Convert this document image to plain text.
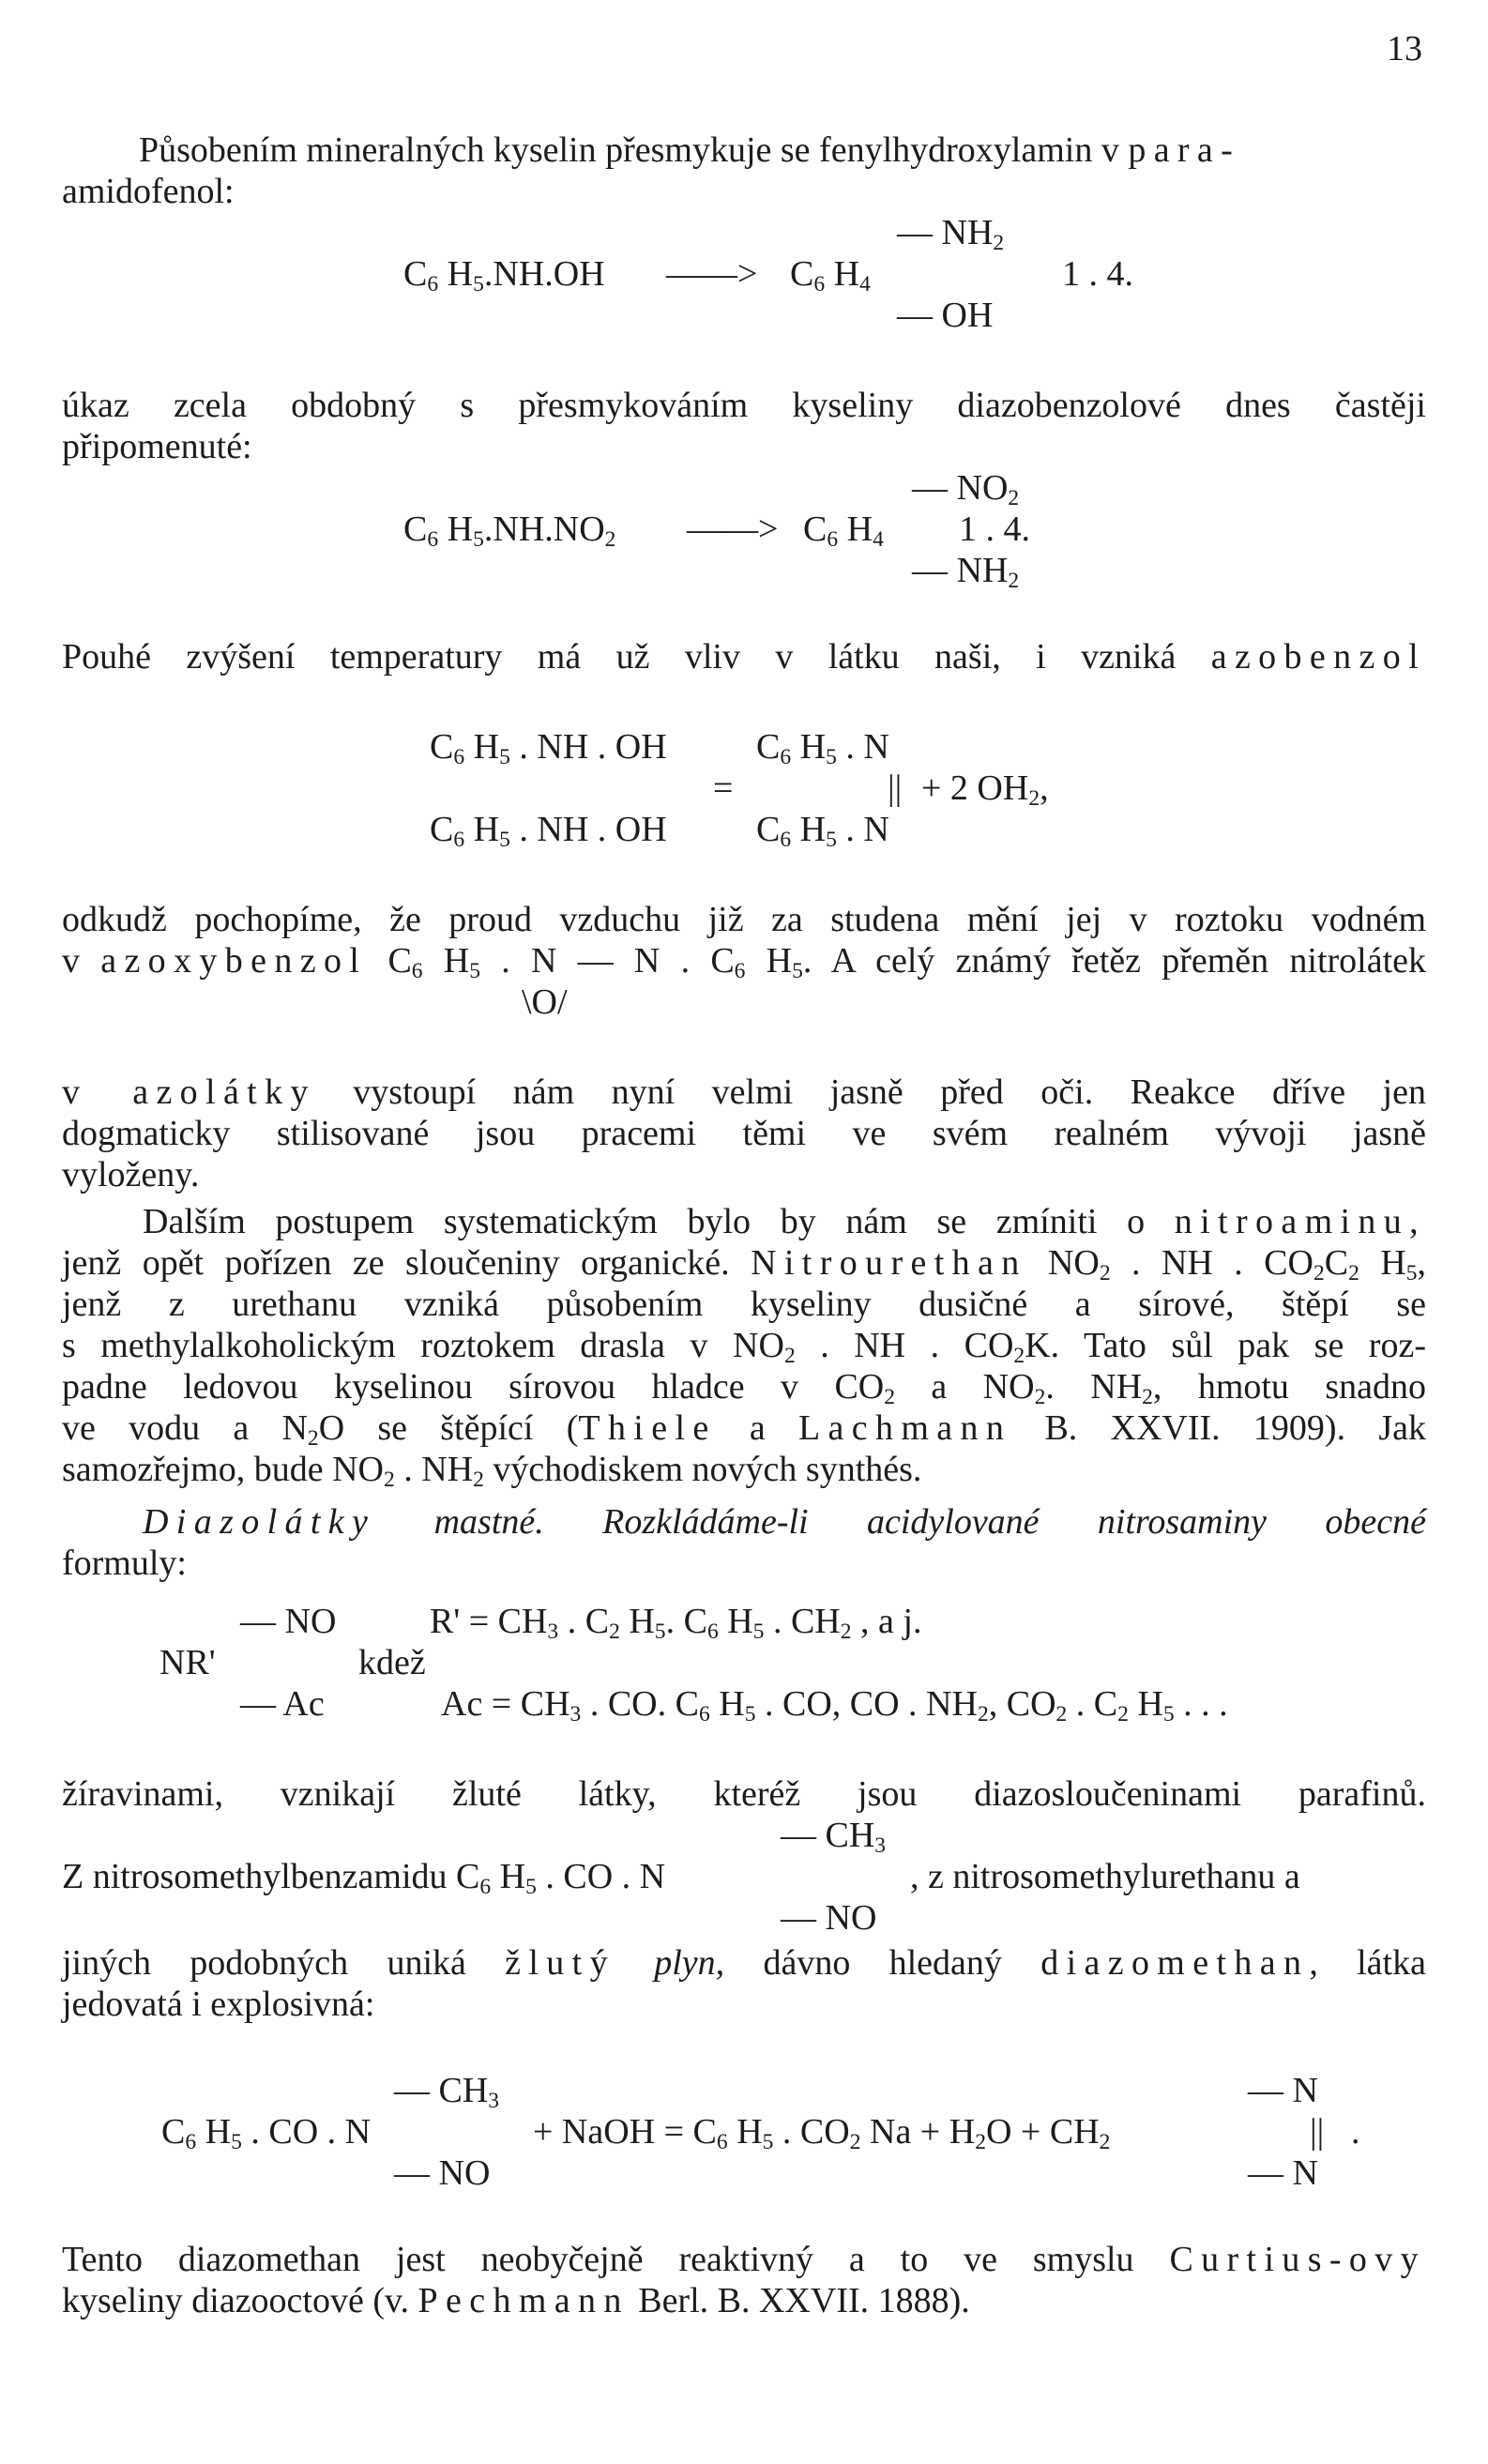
13
Působením mineralných kyselin přesmykuje se fenylhydroxylamin v para-
amidofenol:
— $NH_2$
$C_6$ $H_5.NH.OH$ ——> $C_6$ $H_4$	1 . 4.
— OH
úkaz zcela obdobný s přesmykováním kyseliny diazobenzolové dnes častěji
připomenuté:
— $NO_2$
$C_6$ $H_5.NH.NO_2$ ——> $C_6$ $H_4$ 1 . 4.
— $NH_2$
Pouhé zvýšení temperatury má už vliv v látku naši, i vzniká azobenzol
$C_6$ $H_5$ . NH . OH	$C_6$ $H_5$ . N
=	|| + 2 $OH_2$,
$C_6$ $H_5$ . NH . OH	$C_6$ $H_5$ . N
odkudž pochopíme, že proud vzduchu již za studena mění jej v roztoku vodném
v azoxybenzol $C_6$ $H_5$ . N — N . $C_6$ $H_5$. A celý známý řetěz přeměn nitrolátek
\O/
v azolátky vystoupí nám nyní velmi jasně před oči. Reakce dříve jen
dogmaticky stilisované jsou pracemi těmi ve svém realném vývoji jasně
vyloženy.
Dalším postupem systematickým bylo by nám se zmíniti o nitroaminu,
jenž opět pořízen ze sloučeniny organické. Nitrourethan $NO_2$ . NH . $CO_2C_2$ $H_5$,
jenž z urethanu vzniká působením kyseliny dusičné a sírové, štěpí se
s methylalkoholickým roztokem drasla v $NO_2$ . NH . $CO_2K$. Tato sůl pak se roz-
padne ledovou kyselinou sírovou hladce v $CO_2$ a $NO_2$. $NH_2$, hmotu snadno
ve vodu a $N_2O$ se štěpící (Thiele a Lachmann B. XXVII. 1909). Jak
samozřejmo, bude $NO_2$ . $NH_2$ východiskem nových synthés.
Diazolátky mastné. Rozkládáme-li acidylované nitrosaminy obecné
formuly:
— NO	$R' = CH_3$ . $C_2$ $H_5$. $C_6$ $H_5$ . $CH_2$ , a j.
NR'	kdež
— Ac	$Ac = CH_3$ . CO. $C_6$ $H_5$ . CO, CO . $NH_2$, $CO_2$ . $C_2$ $H_5$ . . .
žíravinami, vznikají žluté látky, kteréž jsou diazosloučeninami parafinů.
— $CH_3$
Z nitrosomethylbenzamidu $C_6$ $H_5$ . CO . N	, z nitrosomethylurethanu a
— NO
jiných podobných uniká žlutý plyn, dávno hledaný diazomethan, látka
jedovatá i explosivná:
— $CH_3$	— N
$C_6$ $H_5$ . CO . N	+ NaOH = $C_6$ $H_5$ . $CO_2$ $Na + H_2O + CH_2$	|| .
— NO	— N
Tento diazomethan jest neobyčejně reaktivný a to ve smyslu Curtius-ovy
kyseliny diazooctové (v. Pechmann Berl. B. XXVII. 1888).
